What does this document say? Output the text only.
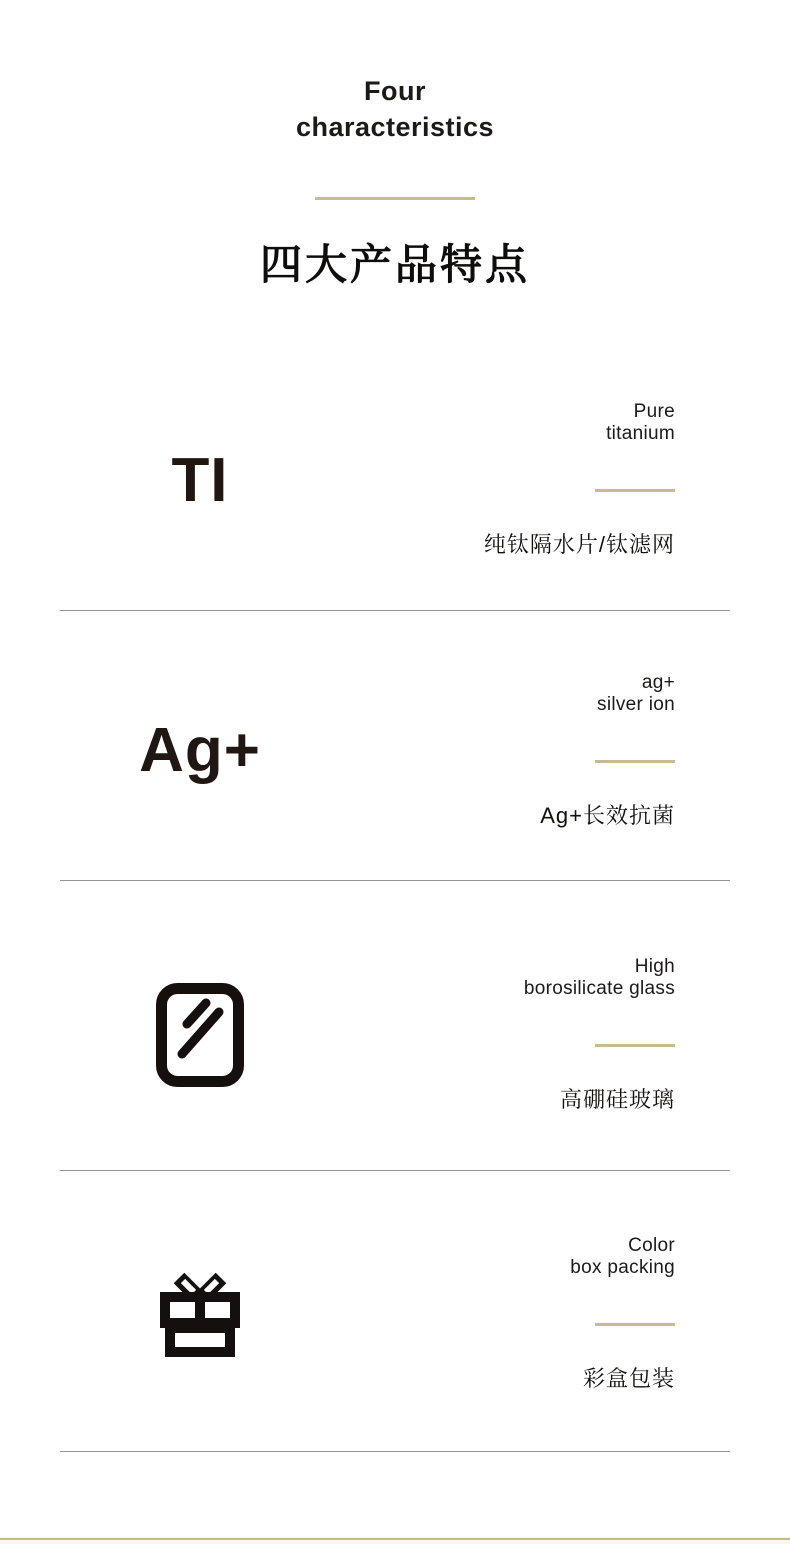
Four characteristics
四大产品特点
TI
Pure
titanium
纯钛隔水片/钛滤网
Ag+
ag+
silver ion
Ag+长效抗菌
High
borosilicate glass
高硼硅玻璃
Color
box packing
彩盒包装
